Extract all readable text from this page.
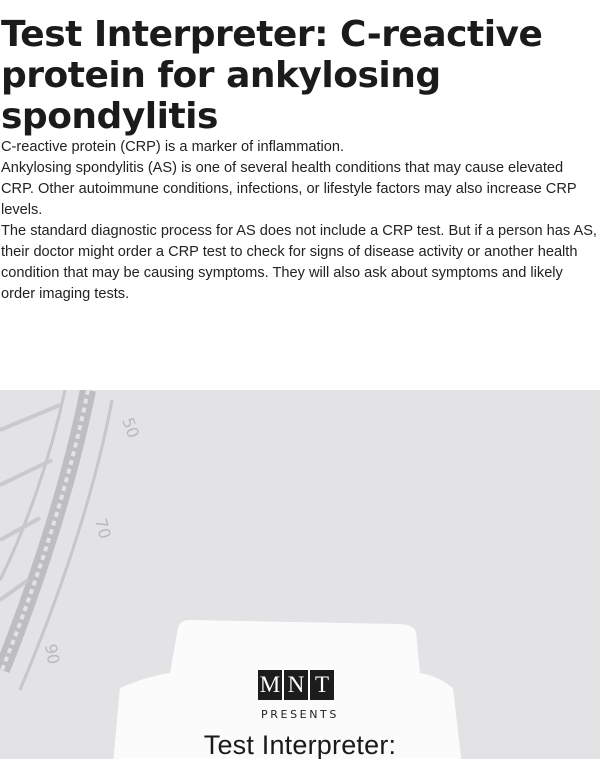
Test Interpreter: C-reactive protein for ankylosing spondylitis

C-reactive protein (CRP) is a marker of inflammation.

Ankylosing spondylitis (AS) is one of several health conditions that may cause elevated CRP. Other autoimmune conditions, infections, or lifestyle factors may also increase CRP levels.

The standard diagnostic process for AS does not include a CRP test. But if a person has AS, their doctor might order a CRP test to check for signs of disease activity or another health condition that may be causing symptoms. They will also ask about symptoms and likely order imaging tests.

50
70
90
M N T
PRESENTS
Test Interpreter:
